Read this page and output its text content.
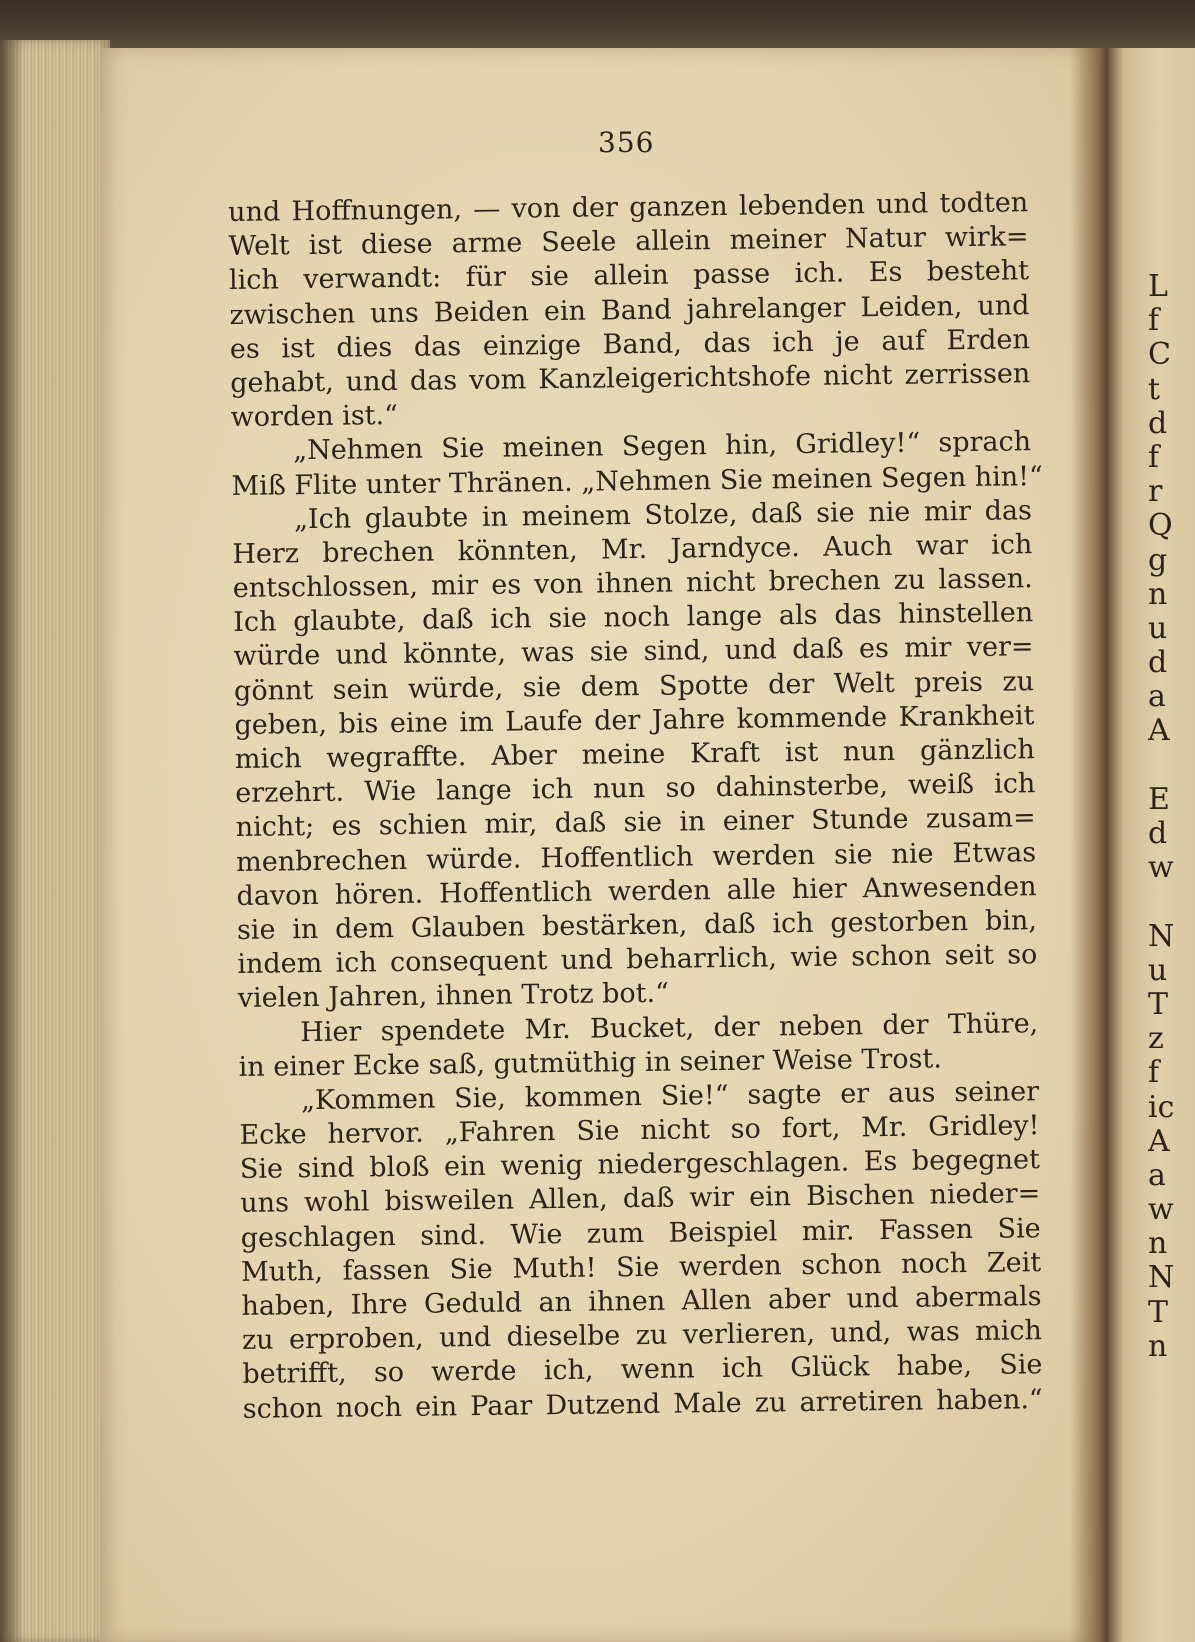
L
f
C
t
d
f
r
Q
g
n
u
d
a
A
E
d
w
N
u
T
z
f
ic
A
a
w
n
N
T
n
356
und Hoffnungen, — von der ganzen lebenden und todten
Welt ist diese arme Seele allein meiner Natur wirk=
lich verwandt: für sie allein passe ich. Es besteht
zwischen uns Beiden ein Band jahrelanger Leiden, und
es ist dies das einzige Band, das ich je auf Erden
gehabt, und das vom Kanzleigerichtshofe nicht zerrissen
worden ist.“
„Nehmen Sie meinen Segen hin, Gridley!“ sprach
Miß Flite unter Thränen. „Nehmen Sie meinen Segen hin!“
„Ich glaubte in meinem Stolze, daß sie nie mir das
Herz brechen könnten, Mr. Jarndyce. Auch war ich
entschlossen, mir es von ihnen nicht brechen zu lassen.
Ich glaubte, daß ich sie noch lange als das hinstellen
würde und könnte, was sie sind, und daß es mir ver=
gönnt sein würde, sie dem Spotte der Welt preis zu
geben, bis eine im Laufe der Jahre kommende Krankheit
mich wegraffte. Aber meine Kraft ist nun gänzlich
erzehrt. Wie lange ich nun so dahinsterbe, weiß ich
nicht; es schien mir, daß sie in einer Stunde zusam=
menbrechen würde. Hoffentlich werden sie nie Etwas
davon hören. Hoffentlich werden alle hier Anwesenden
sie in dem Glauben bestärken, daß ich gestorben bin,
indem ich consequent und beharrlich, wie schon seit so
vielen Jahren, ihnen Trotz bot.“
Hier spendete Mr. Bucket, der neben der Thüre,
in einer Ecke saß, gutmüthig in seiner Weise Trost.
„Kommen Sie, kommen Sie!“ sagte er aus seiner
Ecke hervor. „Fahren Sie nicht so fort, Mr. Gridley!
Sie sind bloß ein wenig niedergeschlagen. Es begegnet
uns wohl bisweilen Allen, daß wir ein Bischen nieder=
geschlagen sind. Wie zum Beispiel mir. Fassen Sie
Muth, fassen Sie Muth! Sie werden schon noch Zeit
haben, Ihre Geduld an ihnen Allen aber und abermals
zu erproben, und dieselbe zu verlieren, und, was mich
betrifft, so werde ich, wenn ich Glück habe, Sie
schon noch ein Paar Dutzend Male zu arretiren haben.“
